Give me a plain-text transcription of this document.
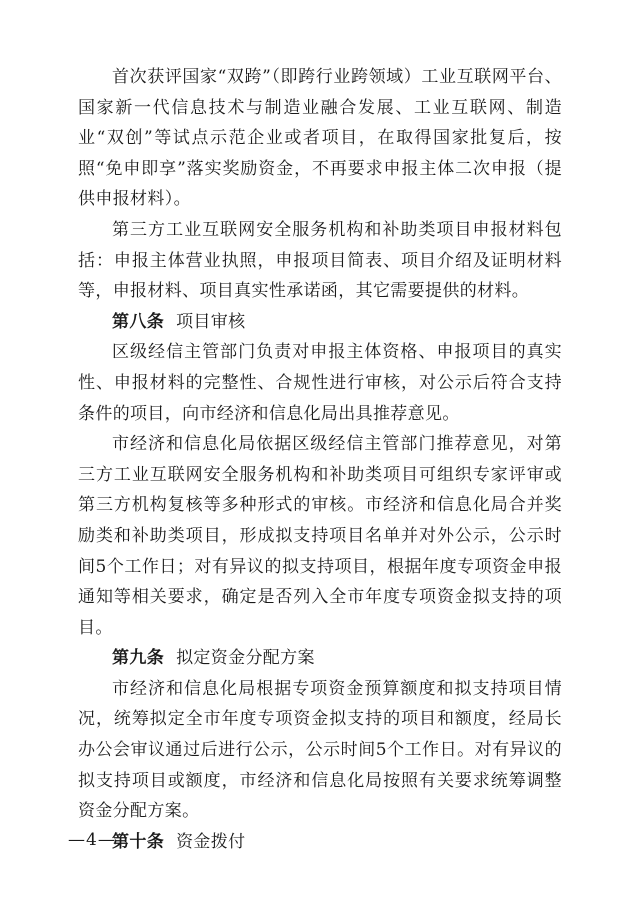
首次获评国家“双跨”（即跨行业跨领域）工业互联网平台、国家新一代信息技术与制造业融合发展、工业互联网、制造业“双创”等试点示范企业或者项目，在取得国家批复后，按照“免申即享”落实奖励资金，不再要求申报主体二次申报（提供申报材料）。

第三方工业互联网安全服务机构和补助类项目申报材料包括：申报主体营业执照，申报项目简表、项目介绍及证明材料等，申报材料、项目真实性承诺函，其它需要提供的材料。

第八条 项目审核

区级经信主管部门负责对申报主体资格、申报项目的真实性、申报材料的完整性、合规性进行审核，对公示后符合支持条件的项目，向市经济和信息化局出具推荐意见。

市经济和信息化局依据区级经信主管部门推荐意见，对第三方工业互联网安全服务机构和补助类项目可组织专家评审或第三方机构复核等多种形式的审核。市经济和信息化局合并奖励类和补助类项目，形成拟支持项目名单并对外公示，公示时间5个工作日；对有异议的拟支持项目，根据年度专项资金申报通知等相关要求，确定是否列入全市年度专项资金拟支持的项目。

第九条 拟定资金分配方案

市经济和信息化局根据专项资金预算额度和拟支持项目情况，统筹拟定全市年度专项资金拟支持的项目和额度，经局长办公会审议通过后进行公示，公示时间5个工作日。对有异议的拟支持项目或额度，市经济和信息化局按照有关要求统筹调整资金分配方案。

第十条 资金拨付

—4—
